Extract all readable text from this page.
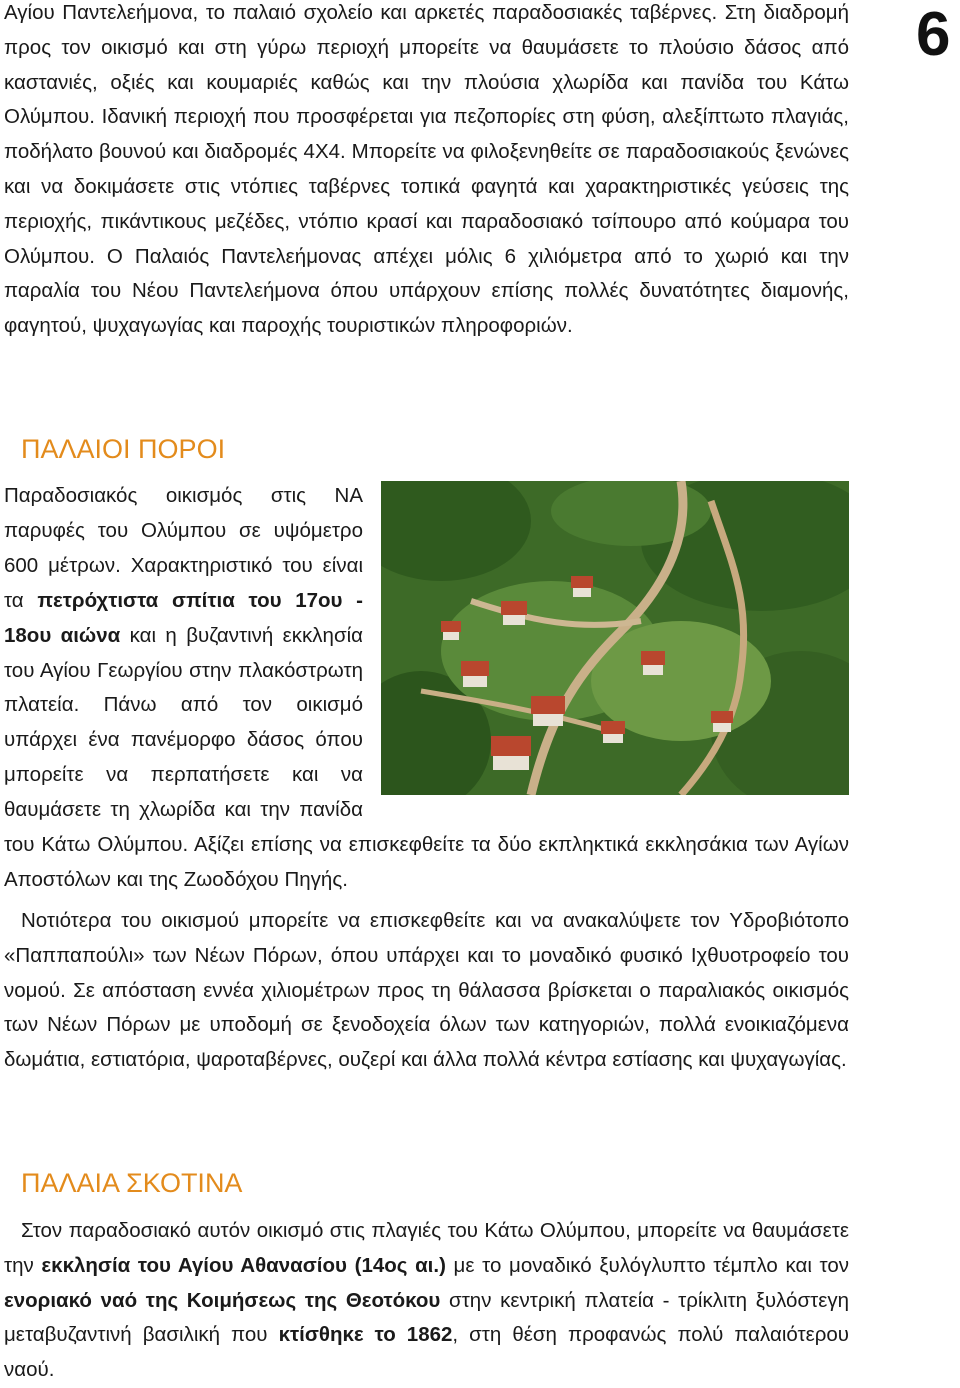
6

Αγίου Παντελεήμονα, το παλαιό σχολείο και αρκετές παραδοσιακές ταβέρνες. Στη διαδρομή προς τον οικισμό και στη γύρω περιοχή μπορείτε να θαυμάσετε το πλούσιο δάσος από καστανιές, οξιές και κουμαριές καθώς και την πλούσια χλωρίδα και πανίδα του Κάτω Ολύμπου. Ιδανική περιοχή που προσφέρεται για πεζοπορίες στη φύση, αλεξίπτωτο πλαγιάς, ποδήλατο βουνού και διαδρομές 4Χ4. Μπορείτε να φιλοξενηθείτε σε παραδοσιακούς ξενώνες και να δοκιμάσετε στις ντόπιες ταβέρνες τοπικά φαγητά και χαρακτηριστικές γεύσεις της περιοχής, πικάντικους μεζέδες, ντόπιο κρασί και παραδοσιακό τσίπουρο από κούμαρα του Ολύμπου. Ο Παλαιός Παντελεήμονας απέχει μόλις 6 χιλιόμετρα από το χωριό και την παραλία του Νέου Παντελεήμονα όπου υπάρχουν επίσης πολλές δυνατότητες διαμονής, φαγητού, ψυχαγωγίας και παροχής τουριστικών πληροφοριών.

ΠΑΛΑΙΟΙ ΠΟΡΟΙ
Παραδοσιακός οικισμός στις ΝΑ παρυφές του Ολύμπου σε υψόμετρο 600 μέτρων. Χαρακτηριστικό του είναι τα πετρόχτιστα σπίτια του 17ου - 18ου αιώνα και η βυζαντινή εκκλησία του Αγίου Γεωργίου στην πλακόστρωτη πλατεία. Πάνω από τον οικισμό υπάρχει ένα πανέμορφο δάσος όπου μπορείτε να περπατήσετε και να θαυμάσετε τη χλωρίδα και την πανίδα του Κάτω Ολύμπου. Αξίζει επίσης να επισκεφθείτε τα δύο εκπληκτικά εκκλησάκια των Αγίων Αποστόλων και της Ζωοδόχου Πηγής.

Νοτιότερα του οικισμού μπορείτε να επισκεφθείτε και να ανακαλύψετε τον Υδροβιότοπο «Παππαπούλι» των Νέων Πόρων, όπου υπάρχει και το μοναδικό φυσικό Ιχθυοτροφείο του νομού. Σε απόσταση εννέα χιλιομέτρων προς τη θάλασσα βρίσκεται ο παραλιακός οικισμός των Νέων Πόρων με υποδομή σε ξενοδοχεία όλων των κατηγοριών, πολλά ενοικιαζόμενα δωμάτια, εστιατόρια, ψαροταβέρνες, ουζερί και άλλα πολλά κέντρα εστίασης και ψυχαγωγίας.

ΠΑΛΑΙΑ ΣΚΟΤΙΝΑ

Στον παραδοσιακό αυτόν οικισμό στις πλαγιές του Κάτω Ολύμπου, μπορείτε να θαυμάσετε την εκκλησία του Αγίου Αθανασίου (14ος αι.) με το μοναδικό ξυλόγλυπτο τέμπλο και τον ενοριακό ναό της Κοιμήσεως της Θεοτόκου στην κεντρική πλατεία - τρίκλιτη ξυλόστεγη μεταβυζαντινή βασιλική που κτίσθηκε το 1862, στη θέση προφανώς πολύ παλαιότερου ναού.
